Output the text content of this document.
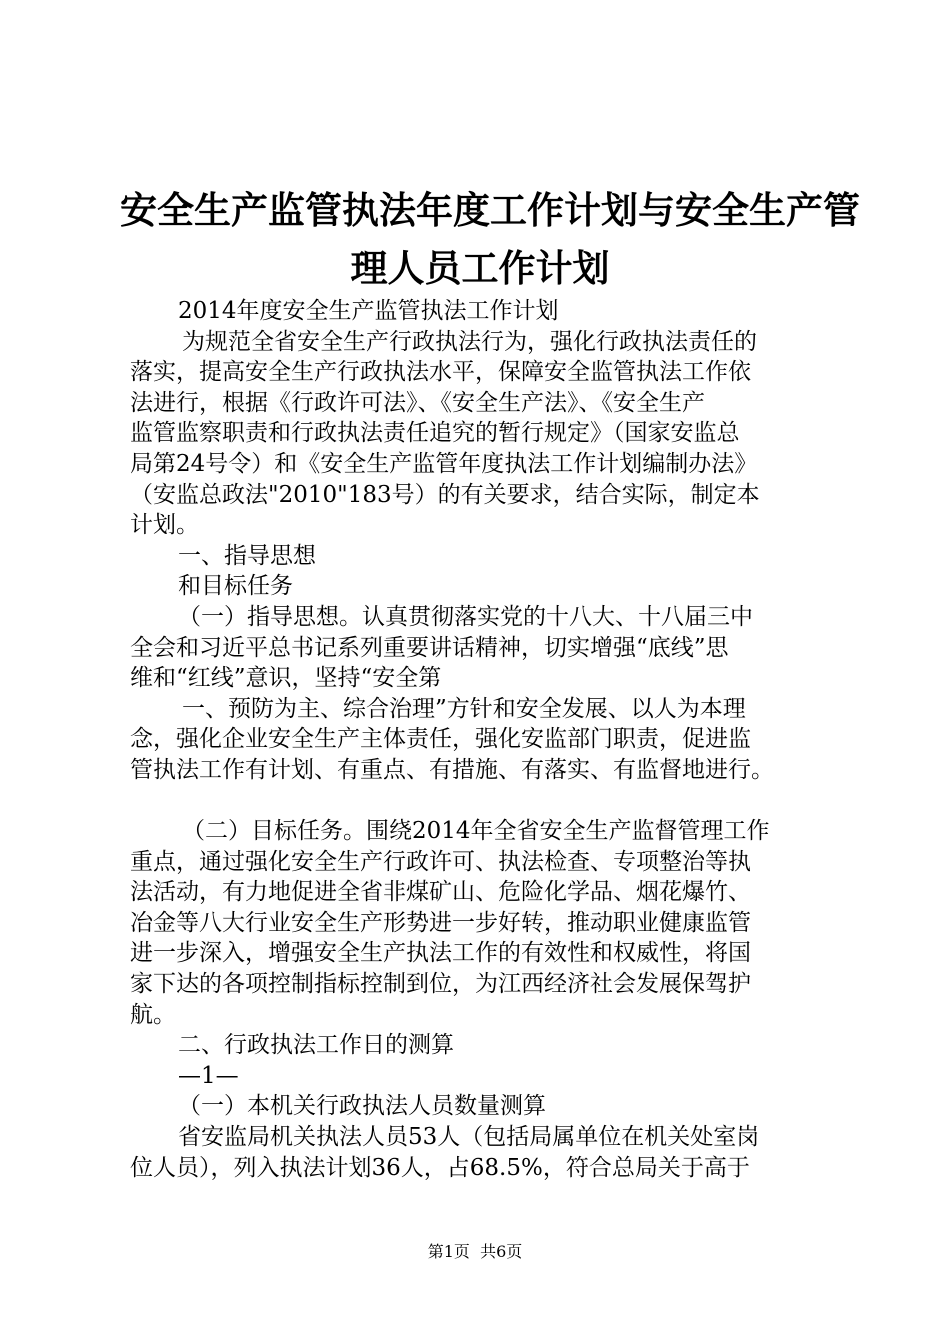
安全生产监管执法年度工作计划与安全生产管
理人员工作计划
2014年度安全生产监管执法工作计划
为规范全省安全生产行政执法行为，强化行政执法责任的
落实，提高安全生产行政执法水平，保障安全监管执法工作依
法进行，根据《行政许可法》、《安全生产法》、《安全生产
监管监察职责和行政执法责任追究的暂行规定》（国家安监总
局第24号令）和《安全生产监管年度执法工作计划编制办法》
（安监总政法"2010"183号）的有关要求，结合实际，制定本
计划。
一、指导思想
和目标任务
（一）指导思想。认真贯彻落实党的十八大、十八届三中
全会和习近平总书记系列重要讲话精神，切实增强“底线”思
维和“红线”意识，坚持“安全第
一、预防为主、综合治理”方针和安全发展、以人为本理
念，强化企业安全生产主体责任，强化安监部门职责，促进监
管执法工作有计划、有重点、有措施、有落实、有监督地进行。
（二）目标任务。围绕2014年全省安全生产监督管理工作
重点，通过强化安全生产行政许可、执法检查、专项整治等执
法活动，有力地促进全省非煤矿山、危险化学品、烟花爆竹、
冶金等八大行业安全生产形势进一步好转，推动职业健康监管
进一步深入，增强安全生产执法工作的有效性和权威性，将国
家下达的各项控制指标控制到位，为江西经济社会发展保驾护
航。
二、行政执法工作日的测算
—1—
（一）本机关行政执法人员数量测算
省安监局机关执法人员53人（包括局属单位在机关处室岗
位人员），列入执法计划36人，占68.5%，符合总局关于高于
第1页  共6页
